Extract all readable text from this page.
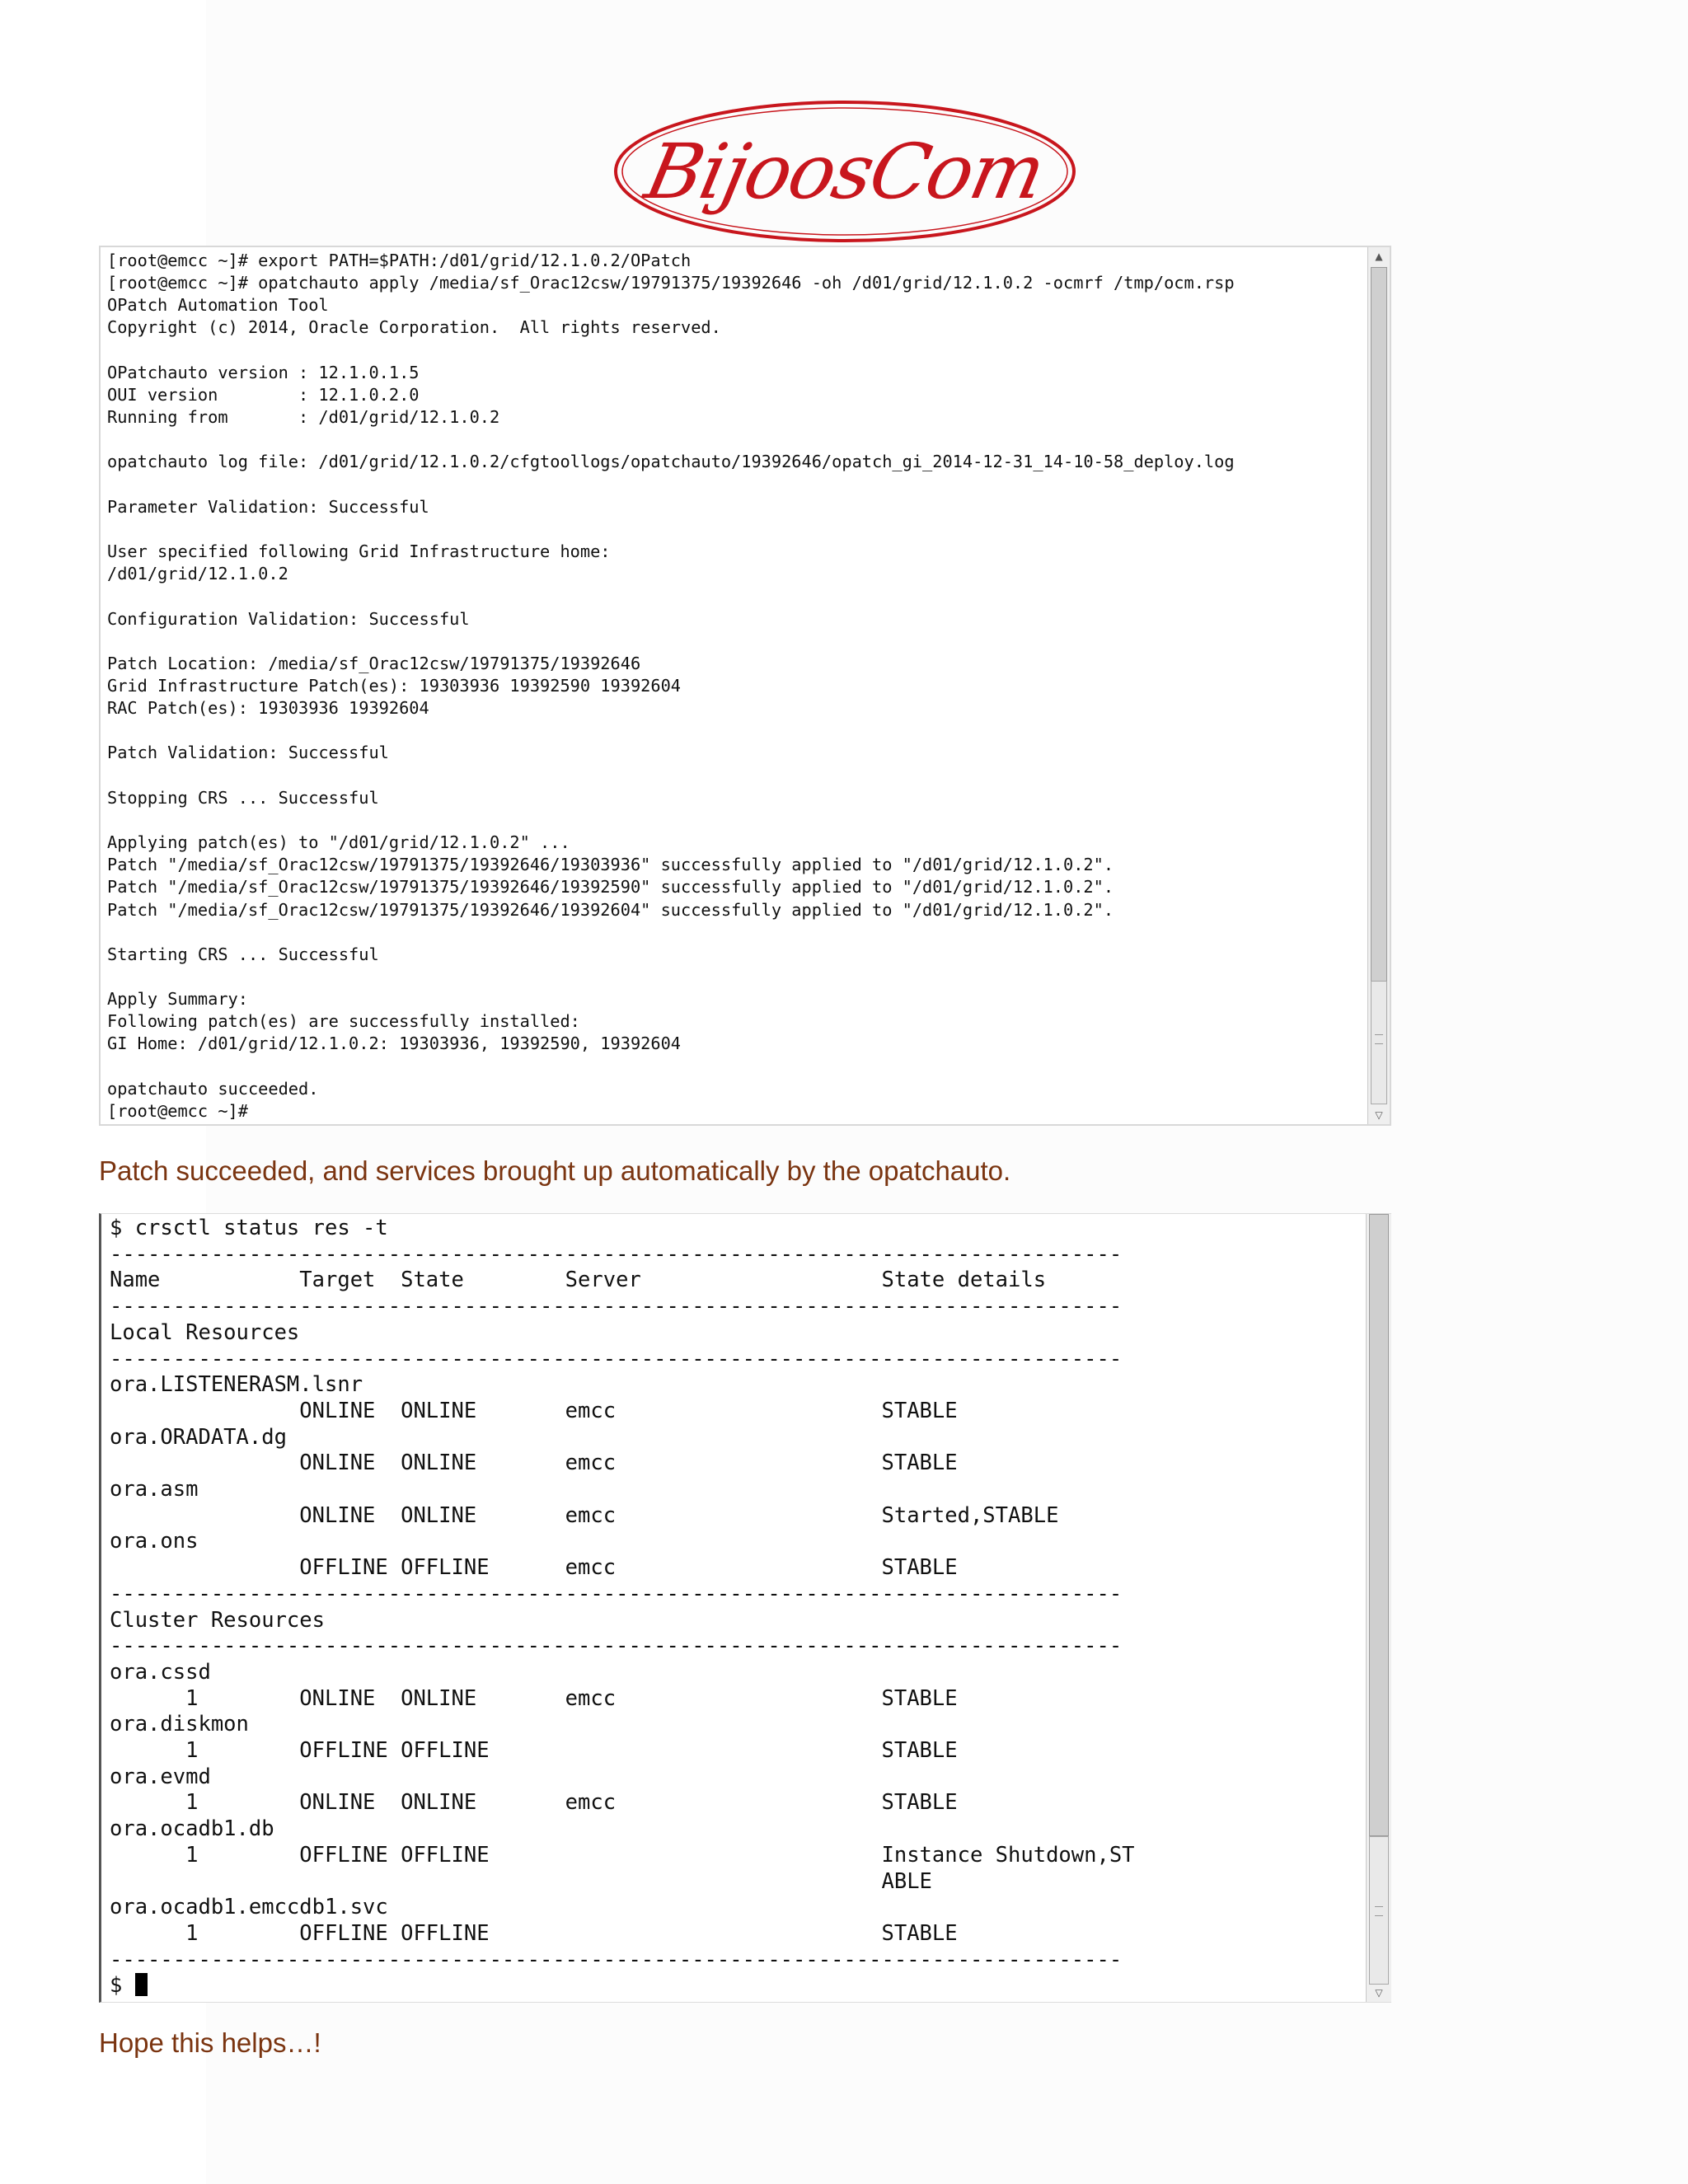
BijoosCom
[root@emcc ~]# export PATH=$PATH:/d01/grid/12.1.0.2/OPatch
[root@emcc ~]# opatchauto apply /media/sf_Orac12csw/19791375/19392646 -oh /d01/grid/12.1.0.2 -ocmrf /tmp/ocm.rsp
OPatch Automation Tool
Copyright (c) 2014, Oracle Corporation.  All rights reserved.

OPatchauto version : 12.1.0.1.5
OUI version        : 12.1.0.2.0
Running from       : /d01/grid/12.1.0.2

opatchauto log file: /d01/grid/12.1.0.2/cfgtoollogs/opatchauto/19392646/opatch_gi_2014-12-31_14-10-58_deploy.log

Parameter Validation: Successful

User specified following Grid Infrastructure home:
/d01/grid/12.1.0.2

Configuration Validation: Successful

Patch Location: /media/sf_Orac12csw/19791375/19392646
Grid Infrastructure Patch(es): 19303936 19392590 19392604
RAC Patch(es): 19303936 19392604

Patch Validation: Successful

Stopping CRS ... Successful

Applying patch(es) to "/d01/grid/12.1.0.2" ...
Patch "/media/sf_Orac12csw/19791375/19392646/19303936" successfully applied to "/d01/grid/12.1.0.2".
Patch "/media/sf_Orac12csw/19791375/19392646/19392590" successfully applied to "/d01/grid/12.1.0.2".
Patch "/media/sf_Orac12csw/19791375/19392646/19392604" successfully applied to "/d01/grid/12.1.0.2".

Starting CRS ... Successful

Apply Summary:
Following patch(es) are successfully installed:
GI Home: /d01/grid/12.1.0.2: 19303936, 19392590, 19392604

opatchauto succeeded.
[root@emcc ~]#

▲
▽
Patch succeeded, and services brought up automatically by the opatchauto.
$ crsctl status res -t
--------------------------------------------------------------------------------
Name           Target  State        Server                   State details
--------------------------------------------------------------------------------
Local Resources
--------------------------------------------------------------------------------
ora.LISTENERASM.lsnr
ONLINE  ONLINE       emcc                     STABLE
ora.ORADATA.dg
ONLINE  ONLINE       emcc                     STABLE
ora.asm
ONLINE  ONLINE       emcc                     Started,STABLE
ora.ons
OFFLINE OFFLINE      emcc                     STABLE
--------------------------------------------------------------------------------
Cluster Resources
--------------------------------------------------------------------------------
ora.cssd
1        ONLINE  ONLINE       emcc                     STABLE
ora.diskmon
1        OFFLINE OFFLINE                               STABLE
ora.evmd
1        ONLINE  ONLINE       emcc                     STABLE
ora.ocadb1.db
1        OFFLINE OFFLINE                               Instance Shutdown,ST
ABLE
ora.ocadb1.emccdb1.svc
1        OFFLINE OFFLINE                               STABLE
--------------------------------------------------------------------------------
$	▽
Hope this helps…!
